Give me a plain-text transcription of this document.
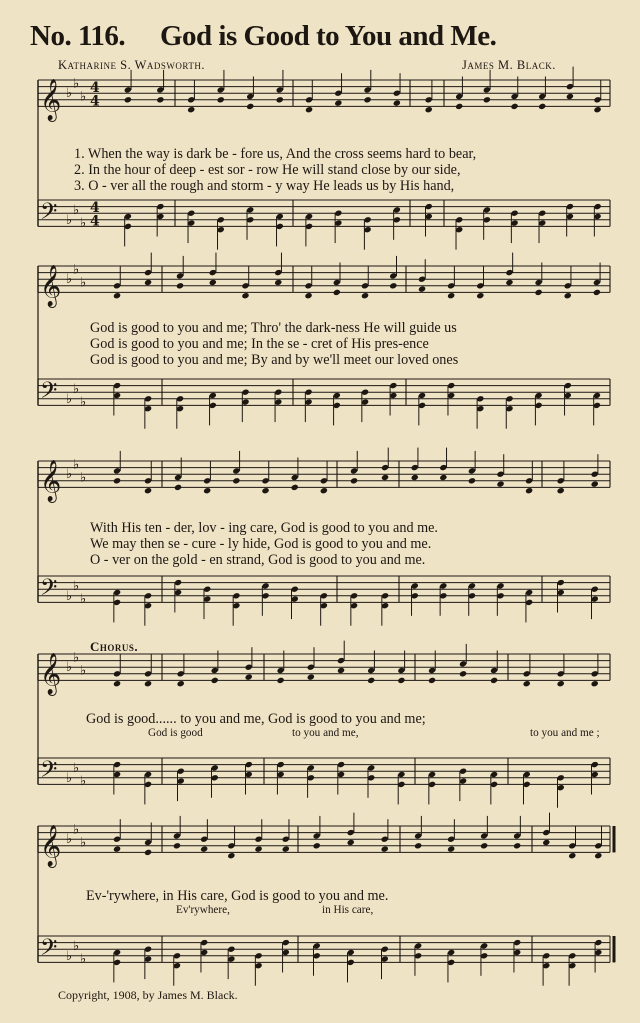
No. 116. God is Good to You and Me.
Katharine S. Wadsworth.	James M. Black.
𝄞 ♭
♭
♭
4
4
𝄢 ♭
♭
♭
4
4
𝄞 ♭
♭
♭
𝄢 ♭
♭
♭
𝄞 ♭
♭
♭
𝄢 ♭
♭
♭
𝄞 ♭
♭
♭
𝄢 ♭
♭
♭
𝄞 ♭
♭
♭
𝄢 ♭
♭
♭
1. When the way is dark be - fore us, And the cross seems hard to bear,
2. In the hour of deep - est sor - row He will stand close by our side,
3. O - ver all the rough and storm - y way He leads us by His hand,
God is good to you and me; Thro' the dark-ness He will guide us
God is good to you and me; In the se - cret of His pres-ence
God is good to you and me; By and by we'll meet our loved ones
With His ten - der, lov - ing care, God is good to you and me.
We may then se - cure - ly hide, God is good to you and me.
O - ver on the gold - en strand, God is good to you and me.
Chorus.
God is good...... to you and me, God is good to you and me;
God is good	to you and me,	to you and me ;
Ev-'rywhere, in His care, God is good to you and me.
Ev'rywhere,	in His care,
Copyright, 1908, by James M. Black.
